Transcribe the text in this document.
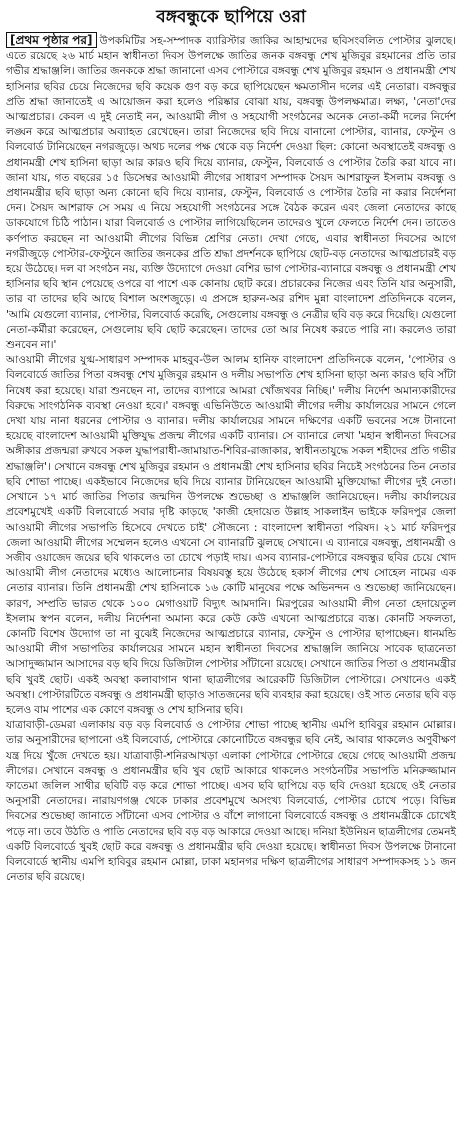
বঙ্গবন্ধুকে ছাপিয়ে ওরা

[প্রথম পৃষ্ঠার পর] উপকমিটির সহ-সম্পাদক ব্যারিস্টার জাকির আহাম্মদের ছবিসংবলিত পোস্টার ঝুলছে। এতে রয়েছে ২৬ মার্চ মহান স্বাধীনতা দিবস উপলক্ষে জাতির জনক বঙ্গবন্ধু শেখ মুজিবুর রহমানের প্রতি তার গভীর শ্রদ্ধাঞ্জলি। জাতির জনককে শ্রদ্ধা জানানো এসব পোস্টারে বঙ্গবন্ধু শেখ মুজিবুর রহমান ও প্রধানমন্ত্রী শেখ হাসিনার ছবির চেয়ে নিজেদের ছবি কয়েক গুণ বড় করে ছাপিয়েছেন ক্ষমতাসীন দলের এই নেতারা। বঙ্গবন্ধুর প্রতি শ্রদ্ধা জানাতেই এ আয়োজন করা হলেও পরিষ্কার বোঝা যায়, বঙ্গবন্ধু উপলক্ষমাত্র। লক্ষ্য, 'নেতা'দের আত্মপ্রচার। কেবল এ দুই নেতাই নন, আওয়ামী লীগ ও সহযোগী সংগঠনের অনেক নেতা-কর্মী দলের নির্দেশ লঙ্ঘন করে আত্মপ্রচার অব্যাহত রেখেছেন। তারা নিজেদের ছবি দিয়ে বানানো পোস্টার, ব্যানার, ফেস্টুন ও বিলবোর্ড টানিয়েছেন নগরজুড়ে। অথচ দলের পক্ষ থেকে বড় নির্দেশ দেওয়া ছিল: কোনো অবস্থাতেই বঙ্গবন্ধু ও প্রধানমন্ত্রী শেখ হাসিনা ছাড়া আর কারও ছবি দিয়ে ব্যানার, ফেস্টুন, বিলবোর্ড ও পোস্টার তৈরি করা যাবে না। জানা যায়, গত বছরের ১৫ ডিসেম্বর আওয়ামী লীগের সাধারণ সম্পাদক সৈয়দ আশরাফুল ইসলাম বঙ্গবন্ধু ও প্রধানমন্ত্রীর ছবি ছাড়া অন্য কোনো ছবি দিয়ে ব্যানার, ফেস্টুন, বিলবোর্ড ও পোস্টার তৈরি না করার নির্দেশনা দেন। সৈয়দ আশরাফ সে সময় এ নিয়ে সহযোগী সংগঠনের সঙ্গে বৈঠক করেন এবং জেলা নেতাদের কাছে ডাকযোগে চিঠি পাঠান। যারা বিলবোর্ড ও পোস্টার লাগিয়েছিলেন তাদেরও খুলে ফেলতে নির্দেশ দেন। তাতেও কর্ণপাত করছেন না আওয়ামী লীগের বিভিন্ন শ্রেণির নেতা। দেখা গেছে, এবার স্বাধীনতা দিবসের আগে নগরীজুড়ে পোস্টার-ফেস্টুনে জাতির জনকের প্রতি শ্রদ্ধা প্রদর্শনকে ছাপিয়ে ছোট-বড় নেতাদের আত্মপ্রচারই বড় হয়ে উঠেছে। দল বা সংগঠন নয়, ব্যক্তি উদ্যোগে দেওয়া বেশির ভাগ পোস্টার-ব্যানারে বঙ্গবন্ধু ও প্রধানমন্ত্রী শেখ হাসিনার ছবি স্থান পেয়েছে ওপরে বা পাশে এক কোনায় ছোট করে। প্রচারকের নিজের এবং তিনি যার অনুসারী, তার বা তাদের ছবি আছে বিশাল অংশজুড়ে। এ প্রসঙ্গে হারুন-অর রশিদ মুন্না বাংলাদেশ প্রতিদিনকে বলেন, 'আমি যেগুলো ব্যানার, পোস্টার, বিলবোর্ড করেছি, সেগুলোয় বঙ্গবন্ধু ও নেত্রীর ছবি বড় করে দিয়েছি। যেগুলো নেতা-কর্মীরা করেছেন, সেগুলোয় ছবি ছোট করেছেন। তাদের তো আর নিষেধ করতে পারি না। করলেও তারা শুনবেন না।'

আওয়ামী লীগের যুগ্ম-সাধারণ সম্পাদক মাহবুব-উল আলম হানিফ বাংলাদেশ প্রতিদিনকে বলেন, 'পোস্টার ও বিলবোর্ডে জাতির পিতা বঙ্গবন্ধু শেখ মুজিবুর রহমান ও দলীয় সভাপতি শেখ হাসিনা ছাড়া অন্য কারও ছবি সাঁটা নিষেধ করা হয়েছে। যারা শুনছেন না, তাদের ব্যাপারে আমরা খোঁজখবর নিচ্ছি।' দলীয় নির্দেশ অমান্যকারীদের বিরুদ্ধে সাংগঠনিক ব্যবস্থা নেওয়া হবে।' বঙ্গবন্ধু এভিনিউতে আওয়ামী লীগের দলীয় কার্যালয়ের সামনে গেলে দেখা যায় নানা ধরনের পোস্টার ও ব্যানার। দলীয় কার্যালয়ের সামনে দক্ষিণের একটি ভবনের সঙ্গে টানানো হয়েছে বাংলাদেশ আওয়ামী মুক্তিযুদ্ধ প্রজন্ম লীগের একটি ব্যানার। সে ব্যানারে লেখা 'মহান স্বাধীনতা দিবসের অঙ্গীকার প্রজন্মরা রুখবে সকল যুদ্ধাপরাধী-জামায়াত-শিবির-রাজাকার, স্বাধীনতাযুদ্ধে সকল শহীদের প্রতি গভীর শ্রদ্ধাঞ্জলি'। সেখানে বঙ্গবন্ধু শেখ মুজিবুর রহমান ও প্রধানমন্ত্রী শেখ হাসিনার ছবির নিচেই সংগঠনের তিন নেতার ছবি শোভা পাচ্ছে। একইভাবে নিজেদের ছবি দিয়ে ব্যানার টানিয়েছেন আওয়ামী মুক্তিযোদ্ধা লীগের দুই নেতা। সেখানে ১৭ মার্চ জাতির পিতার জন্মদিন উপলক্ষে শুভেচ্ছা ও শ্রদ্ধাঞ্জলি জানিয়েছেন। দলীয় কার্যালয়ের প্রবেশমুখেই একটি বিলবোর্ডে সবার দৃষ্টি কাড়ছে 'কাজী হেদায়েত উল্লাহ সাকলাইন ভাইকে ফরিদপুর জেলা আওয়ামী লীগের সভাপতি হিসেবে দেখতে চাই' সৌজন্যে : বাংলাদেশ স্বাধীনতা পরিষদ। ২১ মার্চ ফরিদপুর জেলা আওয়ামী লীগের সম্মেলন হলেও এখনো সে ব্যানারটি ঝুলছে সেখানে। এ ব্যানারে বঙ্গবন্ধু, প্রধানমন্ত্রী ও সজীব ওয়াজেদ জয়ের ছবি থাকলেও তা চোখে পড়াই দায়। এসব ব্যানার-পোস্টারে বঙ্গবন্ধুর ছবির চেয়ে খোদ আওয়ামী লীগ নেতাদের মধ্যেও আলোচনার বিষয়বস্তু হয়ে উঠেছে হকার্স লীগের শেখ সোহেল নামের এক নেতার ব্যানার। তিনি প্রধানমন্ত্রী শেখ হাসিনাকে ১৬ কোটি মানুষের পক্ষে অভিনন্দন ও শুভেচ্ছা জানিয়েছেন। কারণ, সম্প্রতি ভারত থেকে ১০০ মেগাওয়াট বিদ্যুৎ আমদানি। মিরপুরের আওয়ামী লীগ নেতা হেদায়েতুল ইসলাম স্বপন বলেন, দলীয় নির্দেশনা অমান্য করে কেউ কেউ এখনো আত্মপ্রচারে ব্যস্ত। কোনটি সফলতা, কোনটি বিশেষ উদ্যোগ তা না বুঝেই নিজেদের আত্মপ্রচারে ব্যানার, ফেস্টুন ও পোস্টার ছাপাচ্ছেন। ধানমন্ডি আওয়ামী লীগ সভাপতির কার্যালয়ের সামনে মহান স্বাধীনতা দিবসের শ্রদ্ধাঞ্জলি জানিয়ে সাবেক ছাত্রনেতা আসাদুজ্জামান আসাদের বড় ছবি দিয়ে ডিজিটাল পোস্টার সাঁটানো রয়েছে। সেখানে জাতির পিতা ও প্রধানমন্ত্রীর ছবি খুবই ছোট। একই অবস্থা কলাবাগান থানা ছাত্রলীগের আরেকটি ডিজিটাল পোস্টারে। সেখানেও একই অবস্থা। পোস্টারটিতে বঙ্গবন্ধু ও প্রধানমন্ত্রী ছাড়াও সাতজনের ছবি ব্যবহার করা হয়েছে। ওই সাত নেতার ছবি বড় হলেও বাম পাশের এক কোণে বঙ্গবন্ধু ও শেখ হাসিনার ছবি।

যাত্রাবাড়ী-ডেমরা এলাকায় বড় বড় বিলবোর্ড ও পোস্টার শোভা পাচ্ছে স্থানীয় এমপি হাবিবুর রহমান মোল্লার। তার অনুসারীদের ছাপানো ওই বিলবোর্ড, পোস্টারে কোনোটিতে বঙ্গবন্ধুর ছবি নেই, আবার থাকলেও অণুবীক্ষণ যন্ত্র দিয়ে খুঁজে দেখতে হয়। যাত্রাবাড়ী-শনিরআখড়া এলাকা পোস্টারে পোস্টারে ছেয়ে গেছে আওয়ামী প্রজন্ম লীগের। সেখানে বঙ্গবন্ধু ও প্রধানমন্ত্রীর ছবি খুব ছোট আকারে থাকলেও সংগঠনটির সভাপতি মনিরুজ্জামান ফাতেমা জলিল সাথীর ছবিটি বড় করে শোভা পাচ্ছে। এসব ছবি ছাপিয়ে বড় ছবি দেওয়া হয়েছে ওই নেতার অনুসারী নেতাদের। নারায়ণগঞ্জ থেকে ঢাকার প্রবেশমুখে অসংখ্য বিলবোর্ড, পোস্টার চোখে পড়ে। বিভিন্ন দিবসের শুভেচ্ছা জানাতে সাঁটানো এসব পোস্টার ও বাঁশে লাগানো বিলবোর্ডে বঙ্গবন্ধু ও প্রধানমন্ত্রীকে চোখেই পড়ে না। তবে উঠতি ও পাতি নেতাদের ছবি বড় বড় আকারে দেওয়া আছে। দনিয়া ইউনিয়ন ছাত্রলীগের তেমনই একটি বিলবোর্ডে খুবই ছোট করে বঙ্গবন্ধু ও প্রধানমন্ত্রীর ছবি দেওয়া হয়েছে। স্বাধীনতা দিবস উপলক্ষে টানানো বিলবোর্ডে স্থানীয় এমপি হাবিবুর রহমান মোল্লা, ঢাকা মহানগর দক্ষিণ ছাত্রলীগের সাধারণ সম্পাদকসহ ১১ জন নেতার ছবি রয়েছে।
